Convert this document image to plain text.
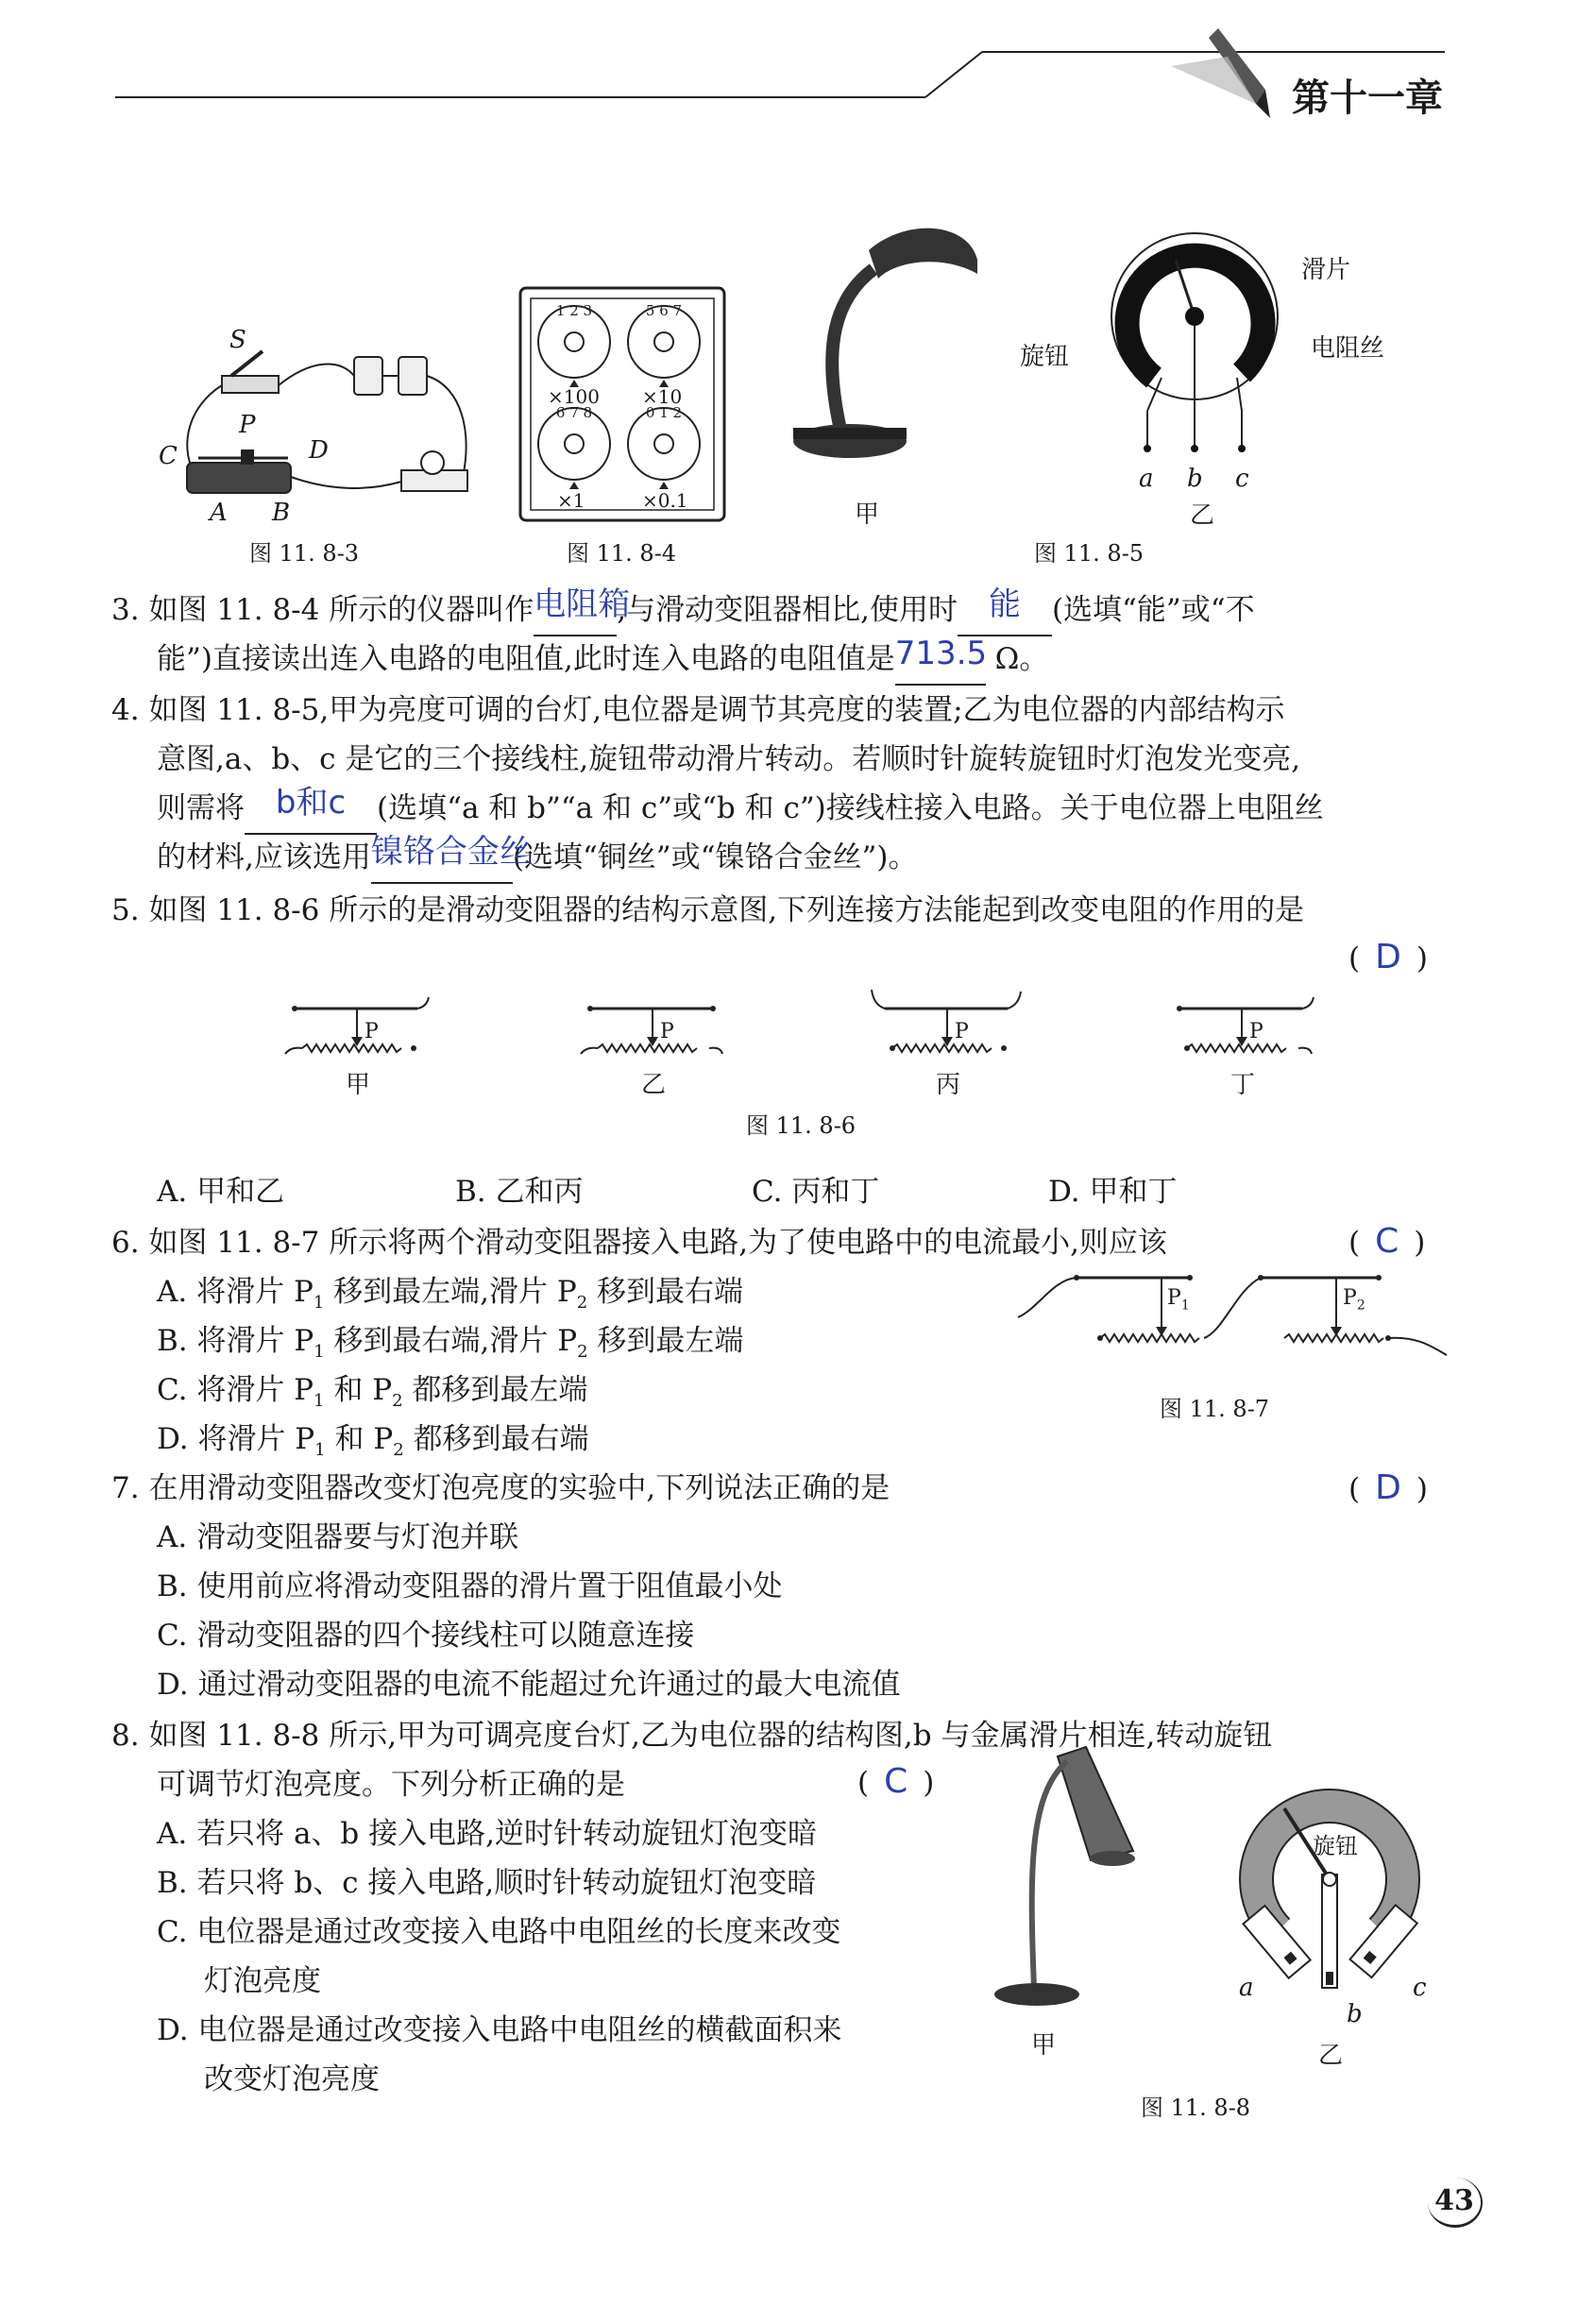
第十一章
S
P
C	D
A B
图 11. 8-3
1 2 3	5 6 7
6 7 8	0 1 2
×100 ×10
×1	×0.1
图 11. 8-4
甲
滑片
旋钮	电阻丝
a b c
乙
图 11. 8-5
3. 如图 11. 8-4 所示的仪器叫作 电阻箱
,与滑动变阻器相比,使用时 能	(选填“能”或“不
能”)直接读出连入电路的电阻值,此时连入电路的电阻值是 713.5
Ω。
4. 如图 11. 8-5,甲为亮度可调的台灯,电位器是调节其亮度的装置;乙为电位器的内部结构示
意图,a、b、c 是它的三个接线柱,旋钮带动滑片转动。若顺时针旋转旋钮时灯泡发光变亮,
则需将 b和c	(选填“a 和 b”“a 和 c”或“b 和 c”)接线柱接入电路。关于电位器上电阻丝
的材料,应该选用 镍铬合金丝
(选填“铜丝”或“镍铬合金丝”)。
5. 如图 11. 8-6 所示的是滑动变阻器的结构示意图,下列连接方法能起到改变电阻的作用的是
( D )
P	P	P	P
甲	乙	丙	丁
图 11. 8-6
A. 甲和乙	B. 乙和丙	C. 丙和丁	D. 甲和丁
6. 如图 11. 8-7 所示将两个滑动变阻器接入电路,为了使电路中的电流最小,则应该	( C )
A. 将滑片 $P_1$ 移到最左端,滑片 $P_2$ 移到最右端
B. 将滑片 $P_1$ 移到最右端,滑片 $P_2$ 移到最左端
C. 将滑片 $P_1$ 和 $P_2$ 都移到最左端
D. 将滑片 $P_1$ 和 $P_2$ 都移到最右端
$P_1$	$P_2$
图 11. 8-7
7. 在用滑动变阻器改变灯泡亮度的实验中,下列说法正确的是	( D )
A. 滑动变阻器要与灯泡并联
B. 使用前应将滑动变阻器的滑片置于阻值最小处
C. 滑动变阻器的四个接线柱可以随意连接
D. 通过滑动变阻器的电流不能超过允许通过的最大电流值
8. 如图 11. 8-8 所示,甲为可调亮度台灯,乙为电位器的结构图,b 与金属滑片相连,转动旋钮
可调节灯泡亮度。下列分析正确的是	( C )
A. 若只将 a、b 接入电路,逆时针转动旋钮灯泡变暗
B. 若只将 b、c 接入电路,顺时针转动旋钮灯泡变暗
C. 电位器是通过改变接入电路中电阻丝的长度来改变
灯泡亮度
D. 电位器是通过改变接入电路中电阻丝的横截面积来
改变灯泡亮度
甲
旋钮
a
b
c
乙
图 11. 8-8
43
